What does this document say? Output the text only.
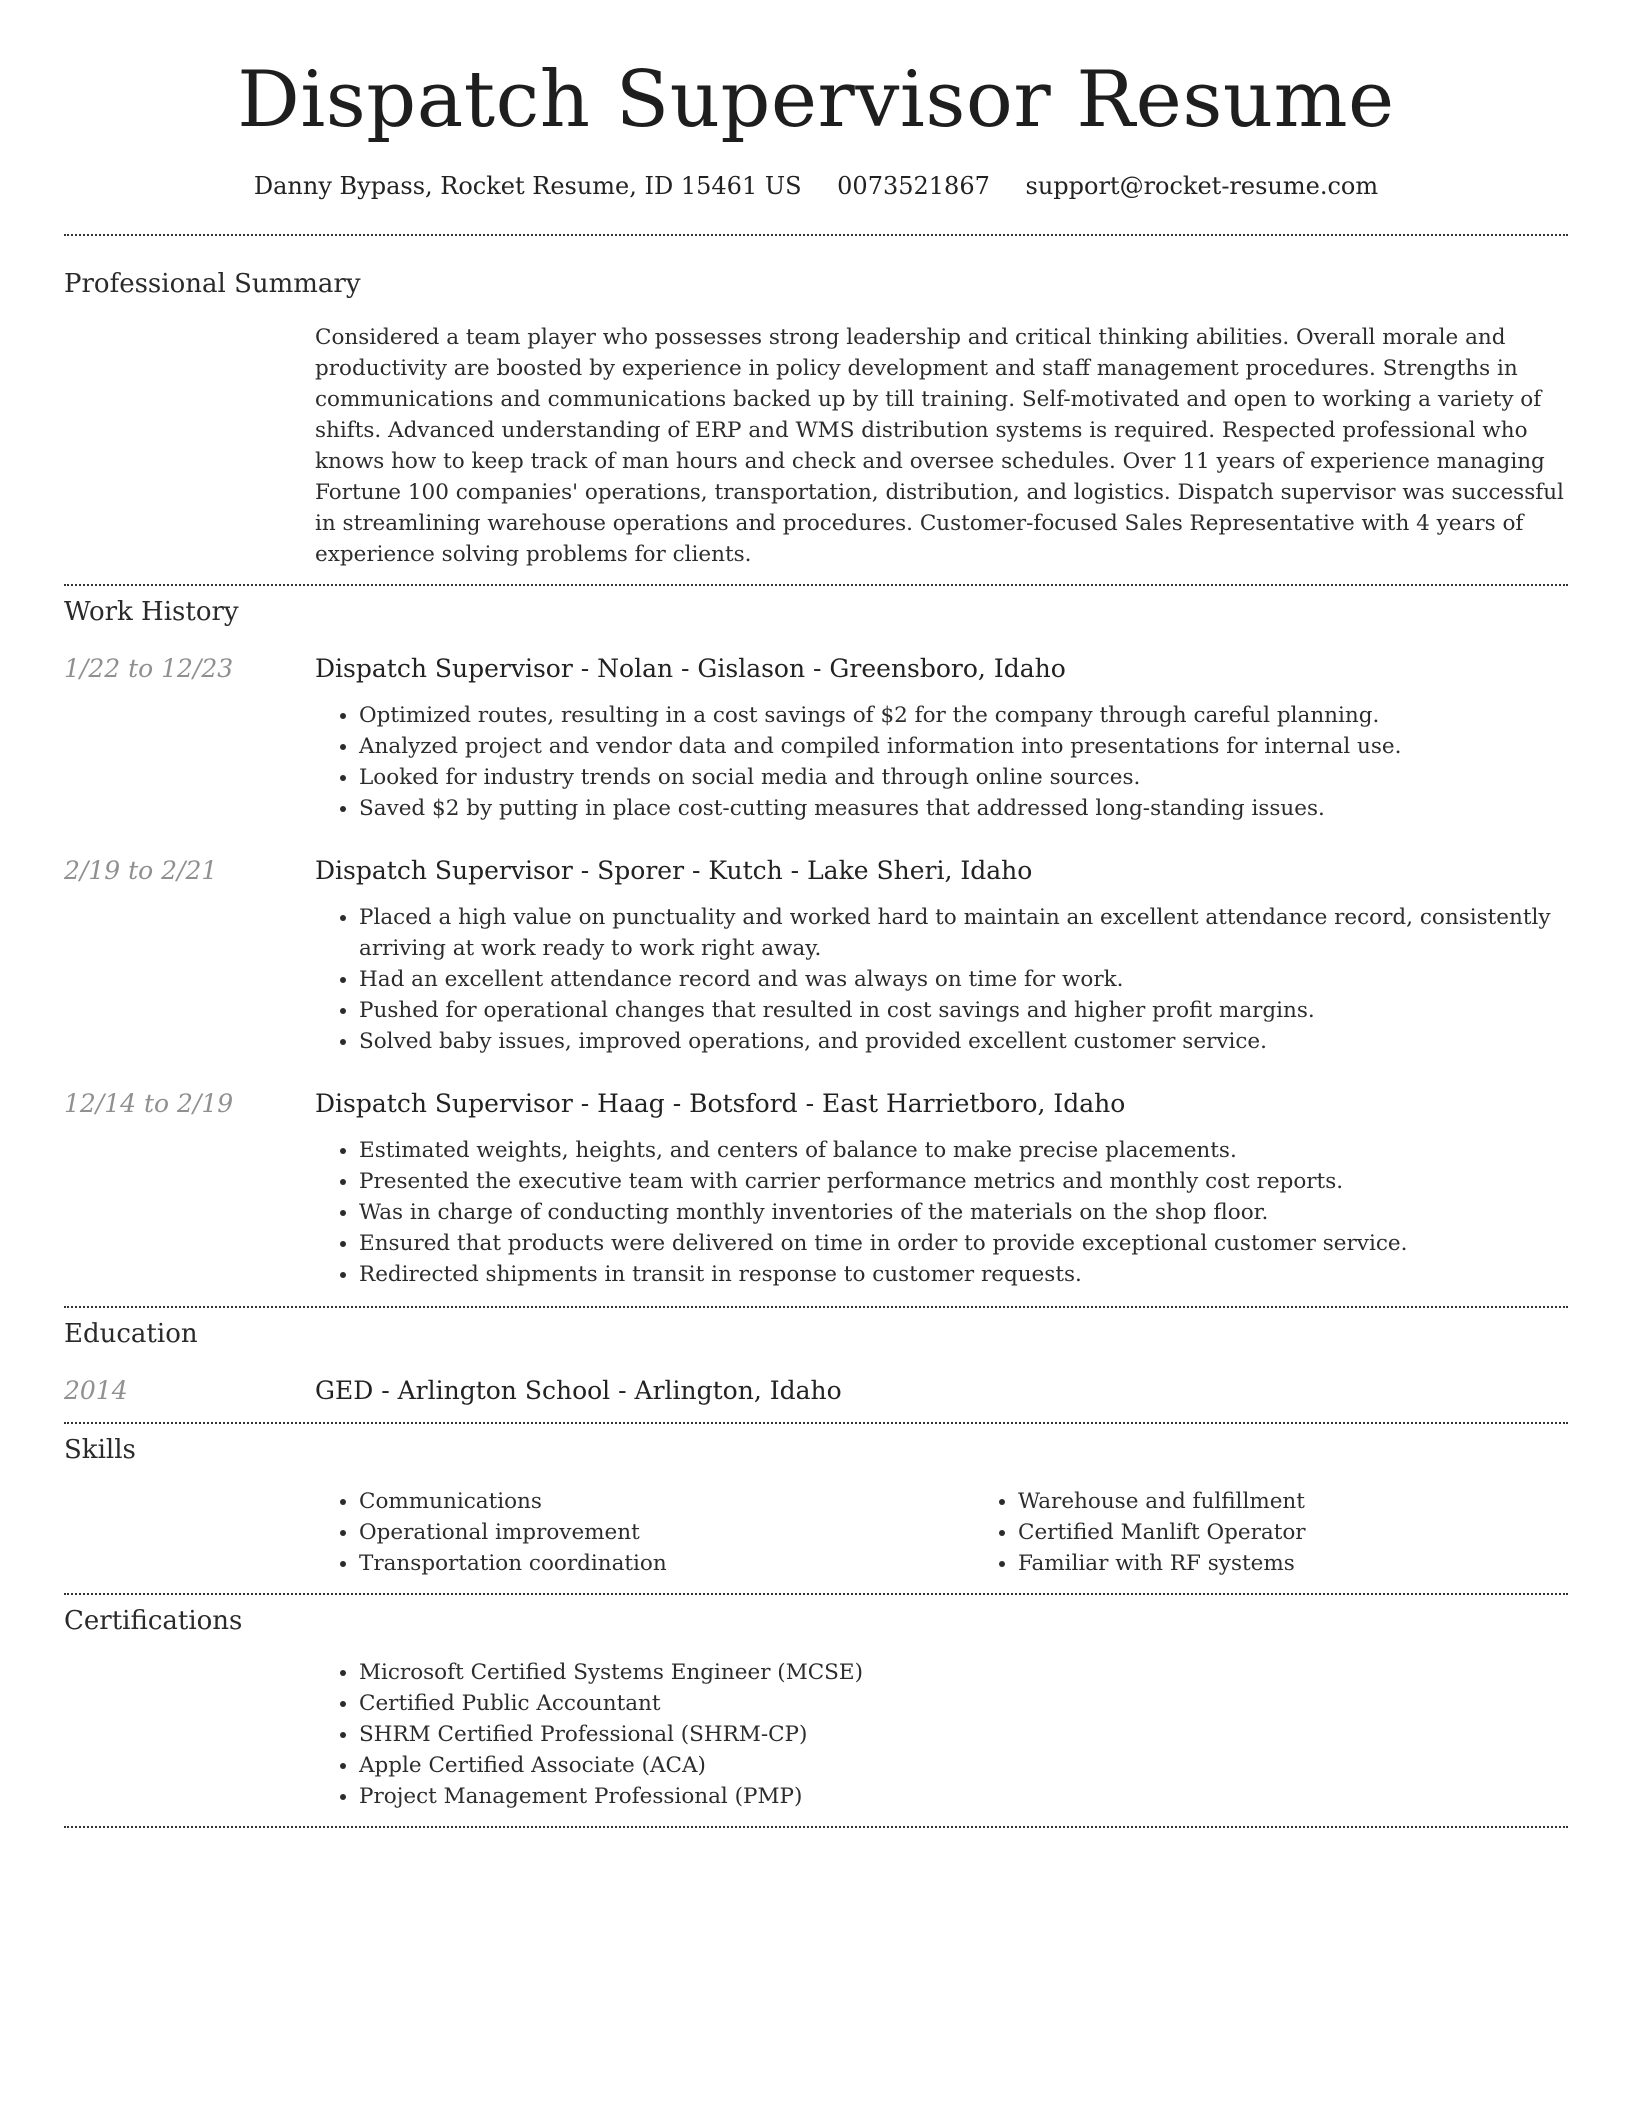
Dispatch Supervisor Resume
Danny Bypass, Rocket Resume, ID 15461 US 0073521867 support@rocket-resume.com
Professional Summary

Considered a team player who possesses strong leadership and critical thinking abilities. Overall morale and productivity are boosted by experience in policy development and staff management procedures. Strengths in communications and communications backed up by till training. Self-motivated and open to working a variety of shifts. Advanced understanding of ERP and WMS distribution systems is required. Respected professional who knows how to keep track of man hours and check and oversee schedules. Over 11 years of experience managing Fortune 100 companies' operations, transportation, distribution, and logistics. Dispatch supervisor was successful in streamlining warehouse operations and procedures. Customer-focused Sales Representative with 4 years of experience solving problems for clients.

Work History
1/22 to 12/23	Dispatch Supervisor - Nolan - Gislason - Greensboro, Idaho

• Optimized routes, resulting in a cost savings of $2 for the company through careful planning.
• Analyzed project and vendor data and compiled information into presentations for internal use.
• Looked for industry trends on social media and through online sources.
• Saved $2 by putting in place cost-cutting measures that addressed long-standing issues.
2/19 to 2/21	Dispatch Supervisor - Sporer - Kutch - Lake Sheri, Idaho

• Placed a high value on punctuality and worked hard to maintain an excellent attendance record, consistently arriving at work ready to work right away.
• Had an excellent attendance record and was always on time for work.
• Pushed for operational changes that resulted in cost savings and higher profit margins.
• Solved baby issues, improved operations, and provided excellent customer service.
12/14 to 2/19	Dispatch Supervisor - Haag - Botsford - East Harrietboro, Idaho

• Estimated weights, heights, and centers of balance to make precise placements.
• Presented the executive team with carrier performance metrics and monthly cost reports.
• Was in charge of conducting monthly inventories of the materials on the shop floor.
• Ensured that products were delivered on time in order to provide exceptional customer service.
• Redirected shipments in transit in response to customer requests.
Education
2014	GED - Arlington School - Arlington, Idaho

Skills
• Communications
• Operational improvement
• Transportation coordination
• Warehouse and fulfillment
• Certified Manlift Operator
• Familiar with RF systems
Certifications
• Microsoft Certified Systems Engineer (MCSE)
• Certified Public Accountant
• SHRM Certified Professional (SHRM-CP)
• Apple Certified Associate (ACA)
• Project Management Professional (PMP)
